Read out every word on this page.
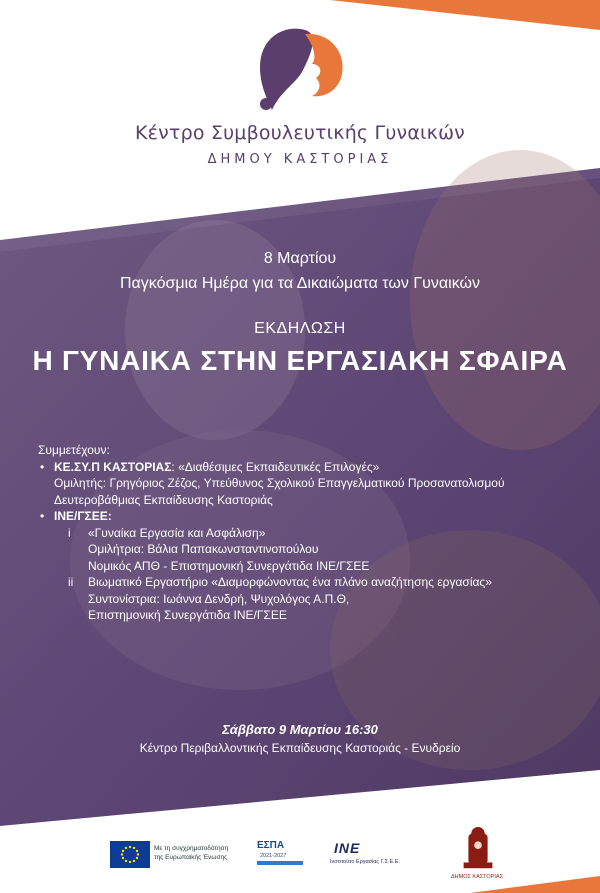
Κέντρο Συμβουλευτικής Γυναικών
ΔΗΜΟΥ ΚΑΣΤΟΡΙΑΣ
8 Μαρτίου
Παγκόσμια Ημέρα για τα Δικαιώματα των Γυναικών
ΕΚΔΗΛΩΣΗ
Η ΓΥΝΑΙΚΑ ΣΤΗΝ ΕΡΓΑΣΙΑΚΗ ΣΦΑΙΡΑ

Συμμετέχουν:

• ΚΕ.ΣΥ.Π ΚΑΣΤΟΡΙΑΣ: «Διαθέσιμες Εκπαιδευτικές Επιλογές»

Ομιλητής: Γρηγόριος Ζέζος, Υπεύθυνος Σχολικού Επαγγελματικού Προσανατολισμού

Δευτεροβάθμιας Εκπαίδευσης Καστοριάς

• ΙΝΕ/ΓΣΕΕ:

i «Γυναίκα Εργασία και Ασφάλιση»

Ομιλήτρια: Βάλια Παπακωνσταντινοπούλου

Νομικός ΑΠΘ - Επιστημονική Συνεργάτιδα ΙΝΕ/ΓΣΕΕ

ii Βιωματικό Εργαστήριο «Διαμορφώνοντας ένα πλάνο αναζήτησης εργασίας»

Συντονίστρια: Ιωάννα Δενδρή, Ψυχολόγος Α.Π.Θ,

Επιστημονική Συνεργάτιδα ΙΝΕ/ΓΣΕΕ

Σάββατο 9 Μαρτίου 16:30
Κέντρο Περιβαλλοντικής Εκπαίδευσης Καστοριάς - Ενυδρείο
Με τη συγχρηματοδότηση
της Ευρωπαϊκής Ένωσης
ΕΣΠΑ
2021-2027	ΙΝΕ
Ινστιτούτο Εργασίας Γ.Σ.Ε.Ε.
ΔΗΜΟΣ ΚΑΣΤΟΡΙΑΣ
